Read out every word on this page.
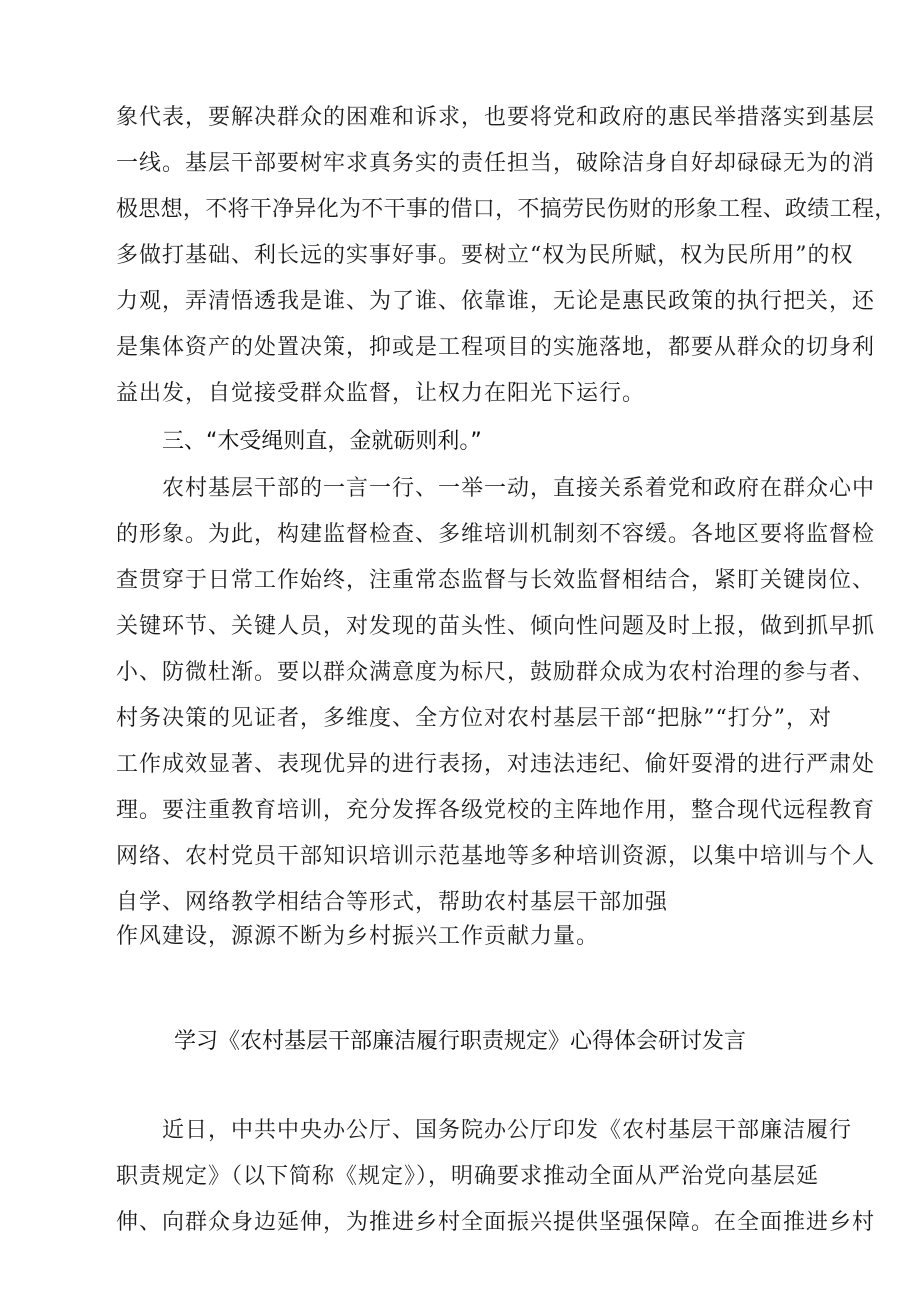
象代表，要解决群众的困难和诉求，也要将党和政府的惠民举措落实到基层
一线。基层干部要树牢求真务实的责任担当，破除洁身自好却碌碌无为的消
极思想，不将干净异化为不干事的借口，不搞劳民伤财的形象工程、政绩工程，
多做打基础、利长远的实事好事。要树立“权为民所赋，权为民所用”的权
力观，弄清悟透我是谁、为了谁、依靠谁，无论是惠民政策的执行把关，还
是集体资产的处置决策，抑或是工程项目的实施落地，都要从群众的切身利
益出发，自觉接受群众监督，让权力在阳光下运行。
三、“木受绳则直，金就砺则利。”
农村基层干部的一言一行、一举一动，直接关系着党和政府在群众心中
的形象。为此，构建监督检查、多维培训机制刻不容缓。各地区要将监督检
查贯穿于日常工作始终，注重常态监督与长效监督相结合，紧盯关键岗位、
关键环节、关键人员，对发现的苗头性、倾向性问题及时上报，做到抓早抓
小、防微杜渐。要以群众满意度为标尺，鼓励群众成为农村治理的参与者、
村务决策的见证者，多维度、全方位对农村基层干部“把脉”“打分”，对
工作成效显著、表现优异的进行表扬，对违法违纪、偷奸耍滑的进行严肃处
理。要注重教育培训，充分发挥各级党校的主阵地作用，整合现代远程教育
网络、农村党员干部知识培训示范基地等多种培训资源，以集中培训与个人
自学、网络教学相结合等形式，帮助农村基层干部加强
作风建设，源源不断为乡村振兴工作贡献力量。
学习《农村基层干部廉洁履行职责规定》心得体会研讨发言
近日，中共中央办公厅、国务院办公厅印发《农村基层干部廉洁履行
职责规定》（以下简称《规定》），明确要求推动全面从严治党向基层延
伸、向群众身边延伸，为推进乡村全面振兴提供坚强保障。在全面推进乡村
